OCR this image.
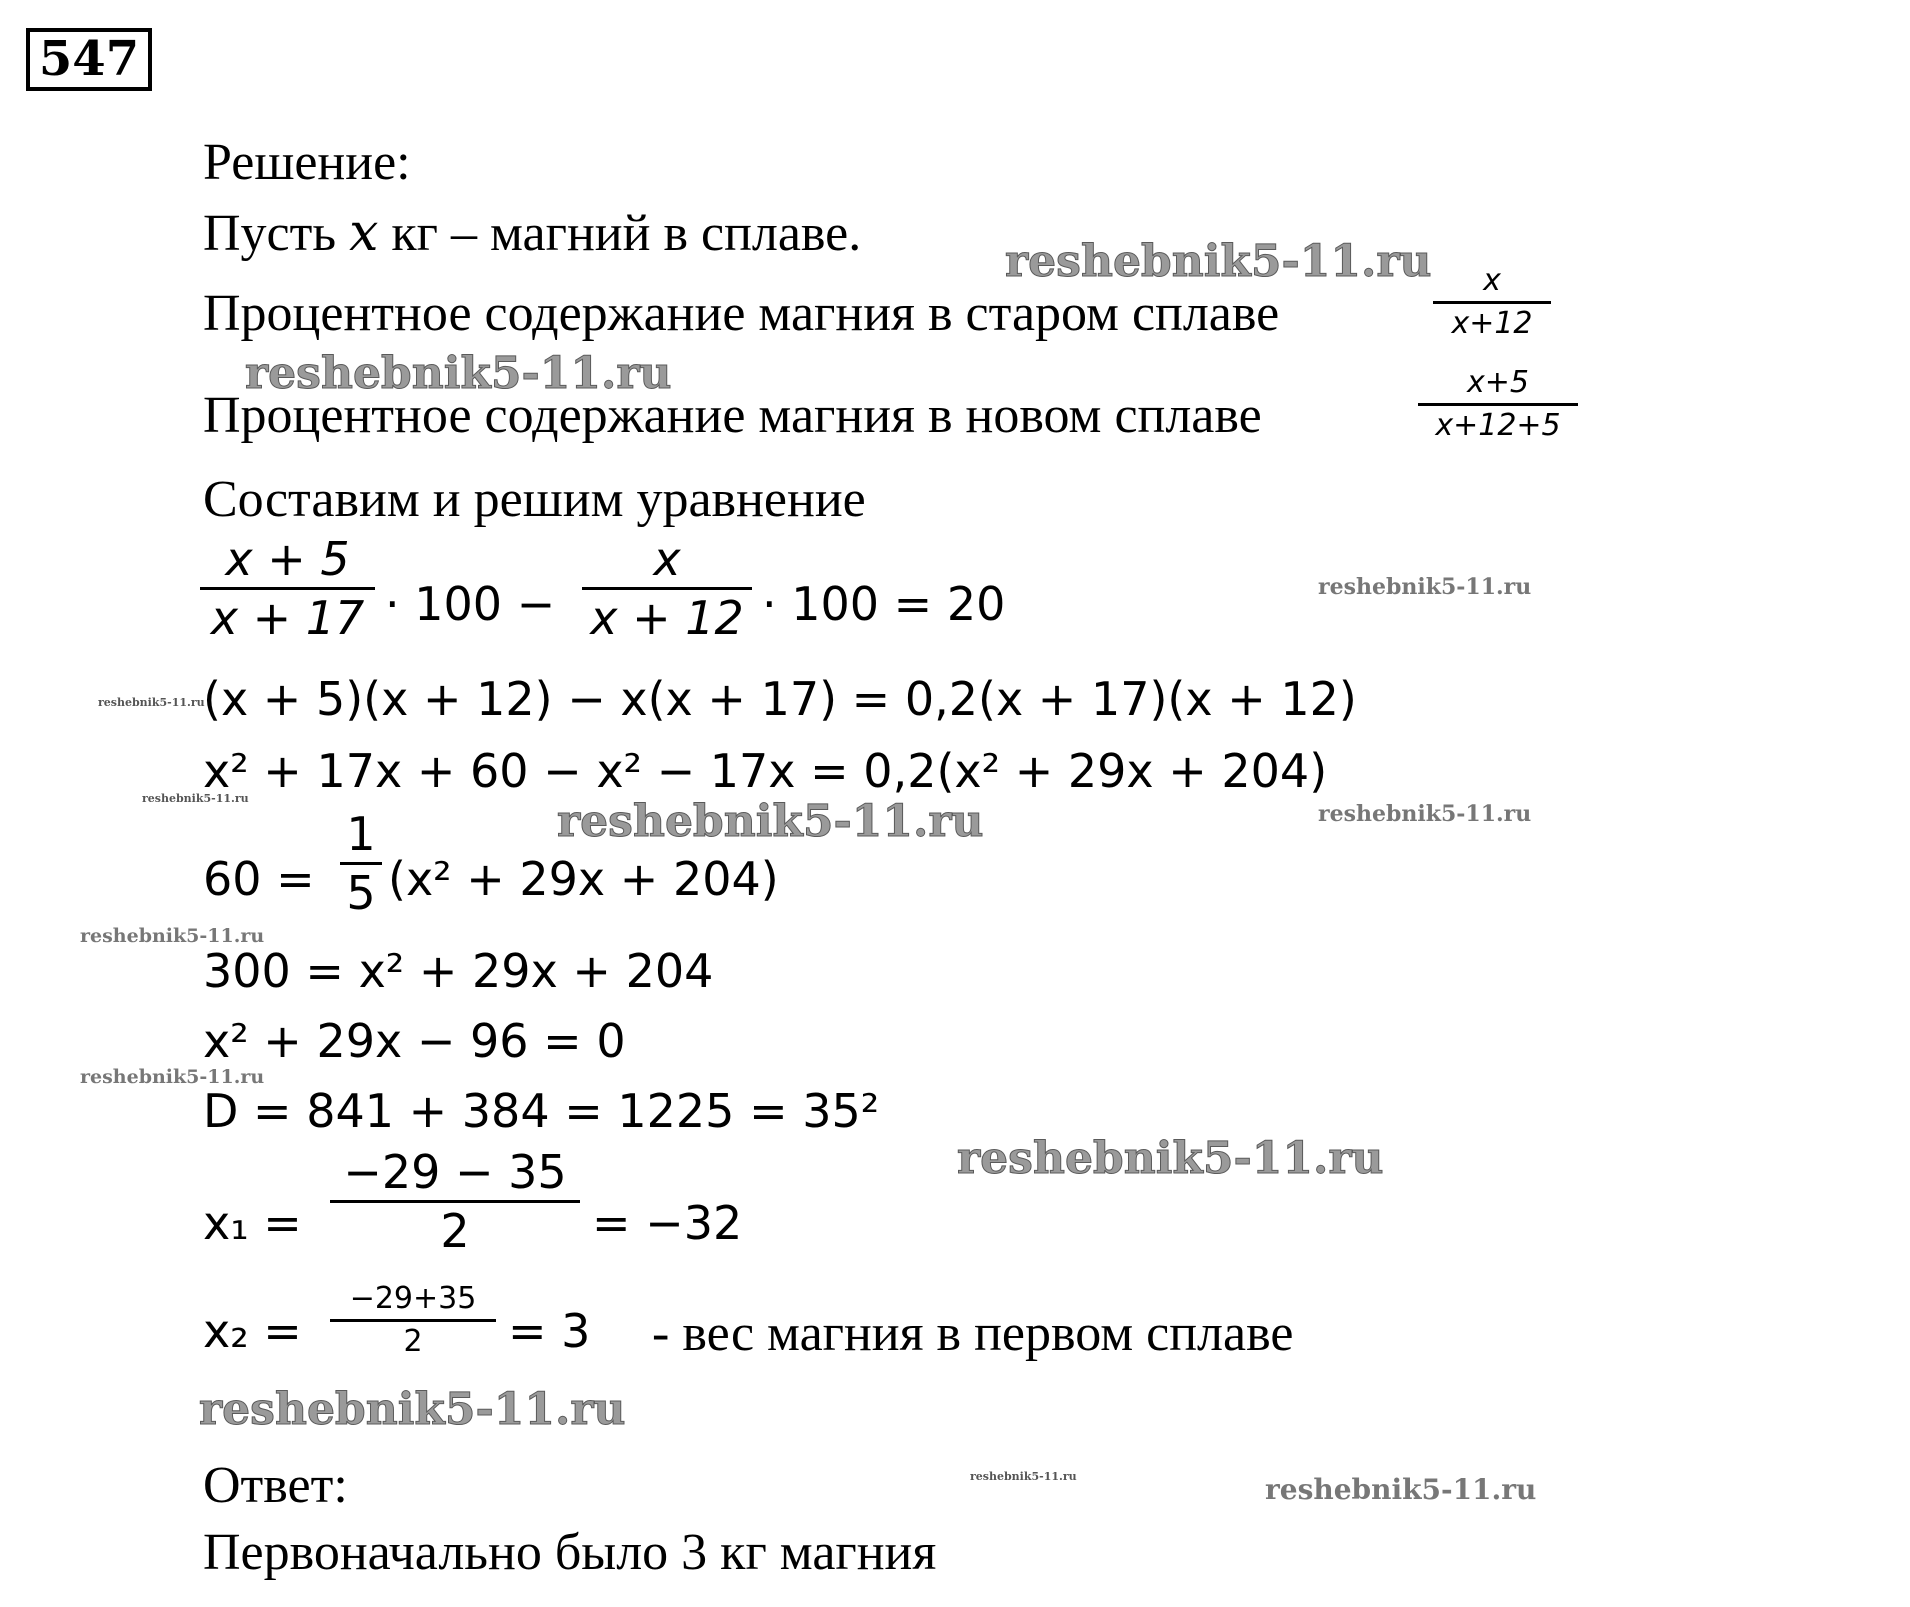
547
Решение:
Пусть x кг – магний в сплаве.
Процентное содержание магния в старом сплаве
x
x+12
Процентное содержание магния в новом сплаве
x+5
x+12+5
Составим и решим уравнение
x + 5
x + 17 · 100 −
x
x + 12 · 100 = 20
(x + 5)(x + 12) − x(x + 17) = 0,2(x + 17)(x + 12)
x² + 17x + 60 − x² − 17x = 0,2(x² + 29x + 204)
60 =
1
5 (x² + 29x + 204)
300 = x² + 29x + 204
x² + 29x − 96 = 0
D = 841 + 384 = 1225 = 35²
x₁ =
−29 − 35
2	= −32
x₂ =
−29+35
2	= 3 - вес магния в первом сплаве
Ответ:
Первоначально было 3 кг магния
reshebnik5-11.ru
reshebnik5-11.ru
reshebnik5-11.ru
reshebnik5-11.ru
reshebnik5-11.ru	reshebnik5-11.ru	reshebnik5-11.ru
reshebnik5-11.ru
reshebnik5-11.ru
reshebnik5-11.ru
reshebnik5-11.ru
reshebnik5-11.ru	reshebnik5-11.ru
